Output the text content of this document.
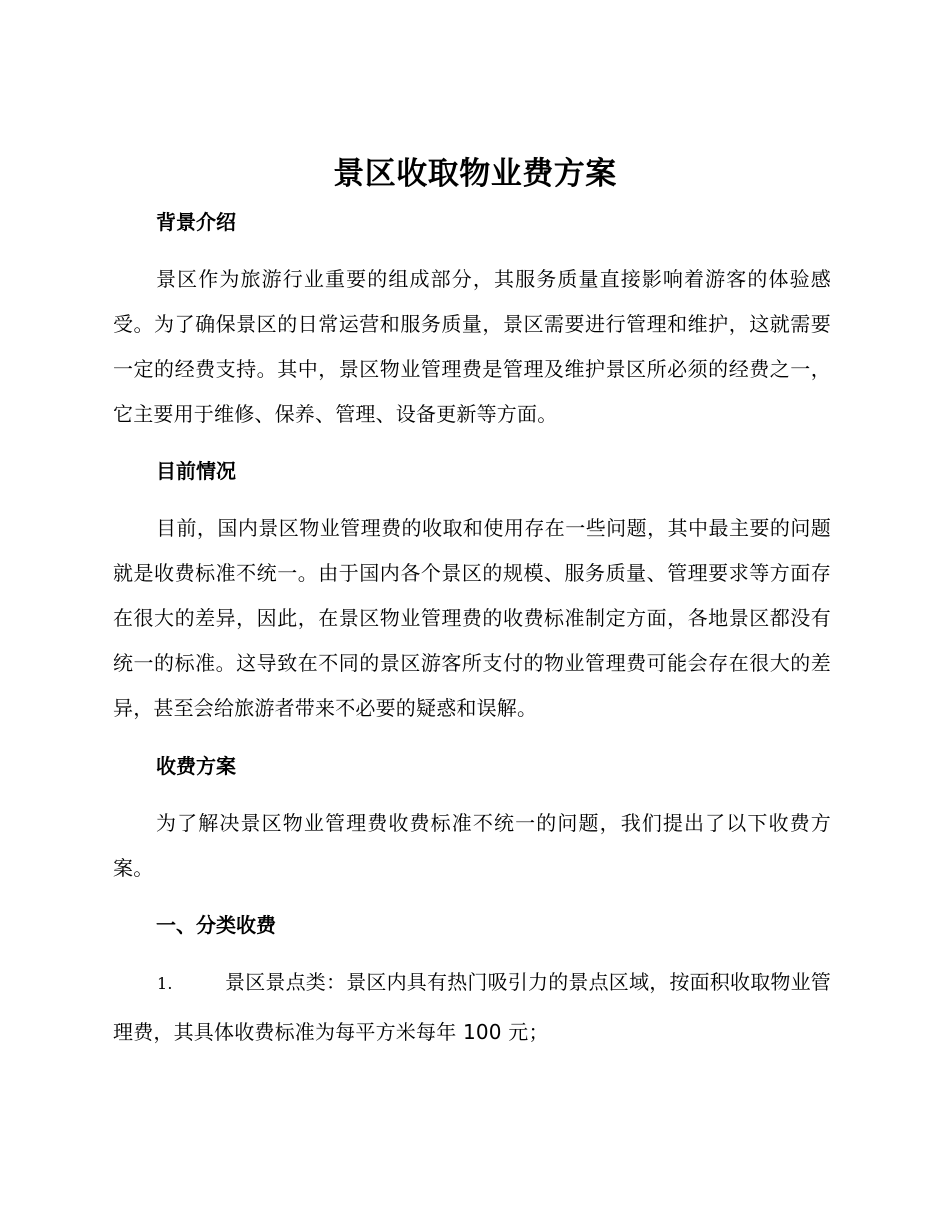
景区收取物业费方案
背景介绍
景区作为旅游行业重要的组成部分，其服务质量直接影响着游客的体验感受。为了确保景区的日常运营和服务质量，景区需要进行管理和维护，这就需要一定的经费支持。其中，景区物业管理费是管理及维护景区所必须的经费之一，它主要用于维修、保养、管理、设备更新等方面。
目前情况
目前，国内景区物业管理费的收取和使用存在一些问题，其中最主要的问题就是收费标准不统一。由于国内各个景区的规模、服务质量、管理要求等方面存在很大的差异，因此，在景区物业管理费的收费标准制定方面，各地景区都没有统一的标准。这导致在不同的景区游客所支付的物业管理费可能会存在很大的差异，甚至会给旅游者带来不必要的疑惑和误解。
收费方案
为了解决景区物业管理费收费标准不统一的问题，我们提出了以下收费方案。
一、分类收费
1.	景区景点类：景区内具有热门吸引力的景点区域，按面积收取物业管理费，其具体收费标准为每平方米每年 100 元；
